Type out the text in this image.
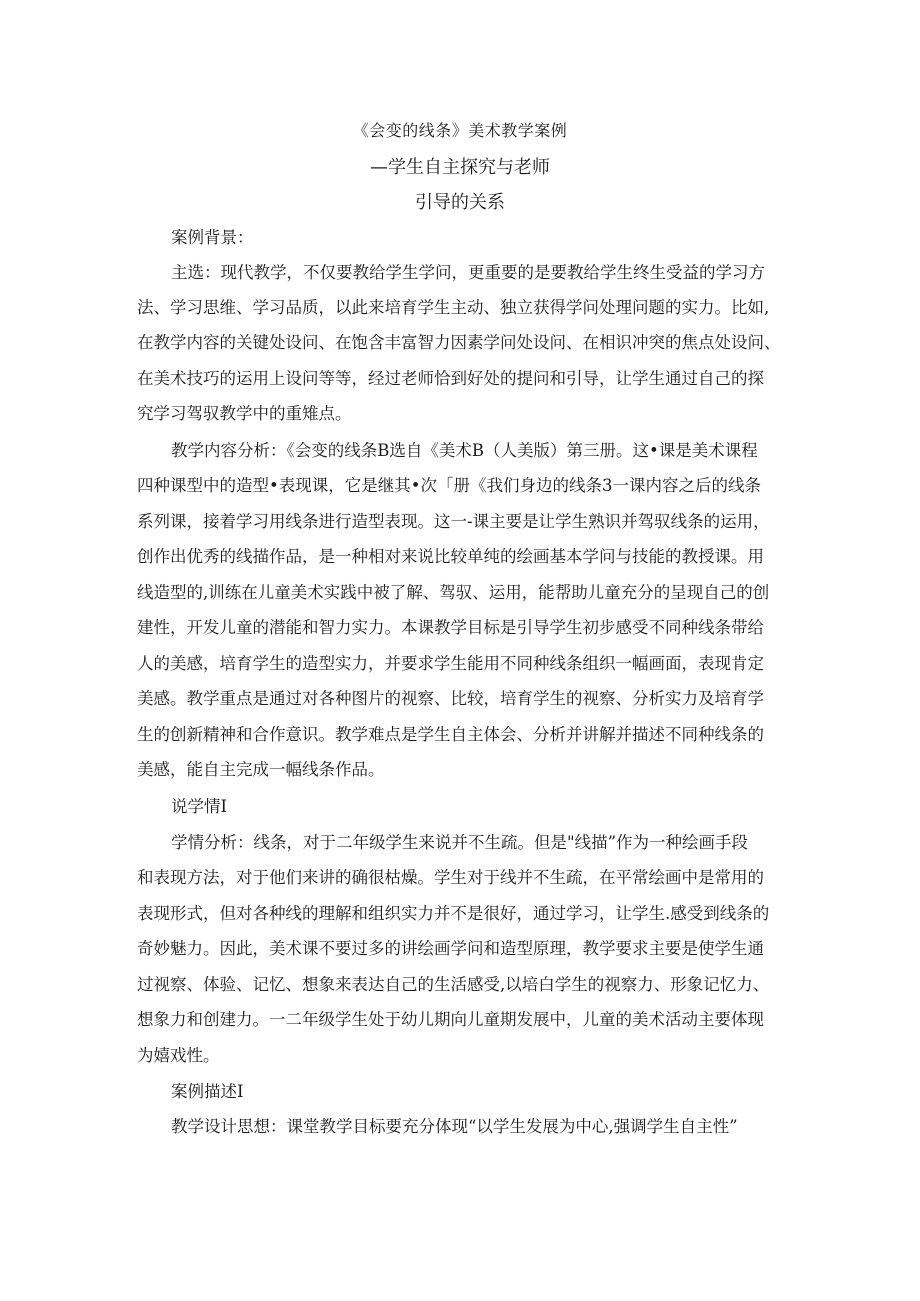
《会变的线条》美术教学案例
—学生自主探究与老师
引导的关系
案例背景：
主选：现代教学，不仅要教给学生学问，更重要的是要教给学生终生受益的学习方
法、学习思维、学习品质，以此来培育学生主动、独立获得学问处理问题的实力。比如,
在教学内容的关键处设问、在饱含丰富智力因素学问处设问、在相识冲突的焦点处设问、
在美术技巧的运用上设问等等，经过老师恰到好处的提问和引导，让学生通过自己的探
究学习驾驭教学中的重雉点。
教学内容分析：《会变的线条B选自《美术B（人美版）第三册。这•课是美术课程
四种课型中的造型•表现课，它是继其•次「册《我们身边的线条3一课内容之后的线条
系列课，接着学习用线条进行造型表现。这一-课主要是让学生熟识并驾驭线条的运用，
创作出优秀的线描作品，是一种相对来说比较单纯的绘画基本学问与技能的教授课。用
线造型的,训练在儿童美术实践中被了解、驾驭、运用，能帮助儿童充分的呈现自己的创
建性，开发儿童的潜能和智力实力。本课教学目标是引导学生初步感受不同种线条带给
人的美感，培育学生的造型实力，并要求学生能用不同种线条组织一幅画面，表现肯定
美感。教学重点是通过对各种图片的视察、比较，培育学生的视察、分析实力及培育学
生的创新精神和合作意识。教学难点是学生自主体会、分析并讲解并描述不同种线条的
美感，能自主完成一幅线条作品。
说学情I
学情分析：线条，对于二年级学生来说并不生疏。但是"线描”作为一种绘画手段
和表现方法，对于他们来讲的确很枯燥。学生对于线并不生疏，在平常绘画中是常用的
表现形式，但对各种线的理解和组织实力并不是很好，通过学习，让学生.感受到线条的
奇妙魅力。因此，美术课不要过多的讲绘画学问和造型原理，教学要求主要是使学生通
过视察、体验、记忆、想象来表达自己的生活感受,以培白学生的视察力、形象记忆力、
想象力和创建力。一二年级学生处于幼儿期向儿童期发展中，儿童的美术活动主要体现
为嬉戏性。
案例描述I
教学设计思想：课堂教学目标要充分体现“以学生发展为中心,强调学生自主性”
